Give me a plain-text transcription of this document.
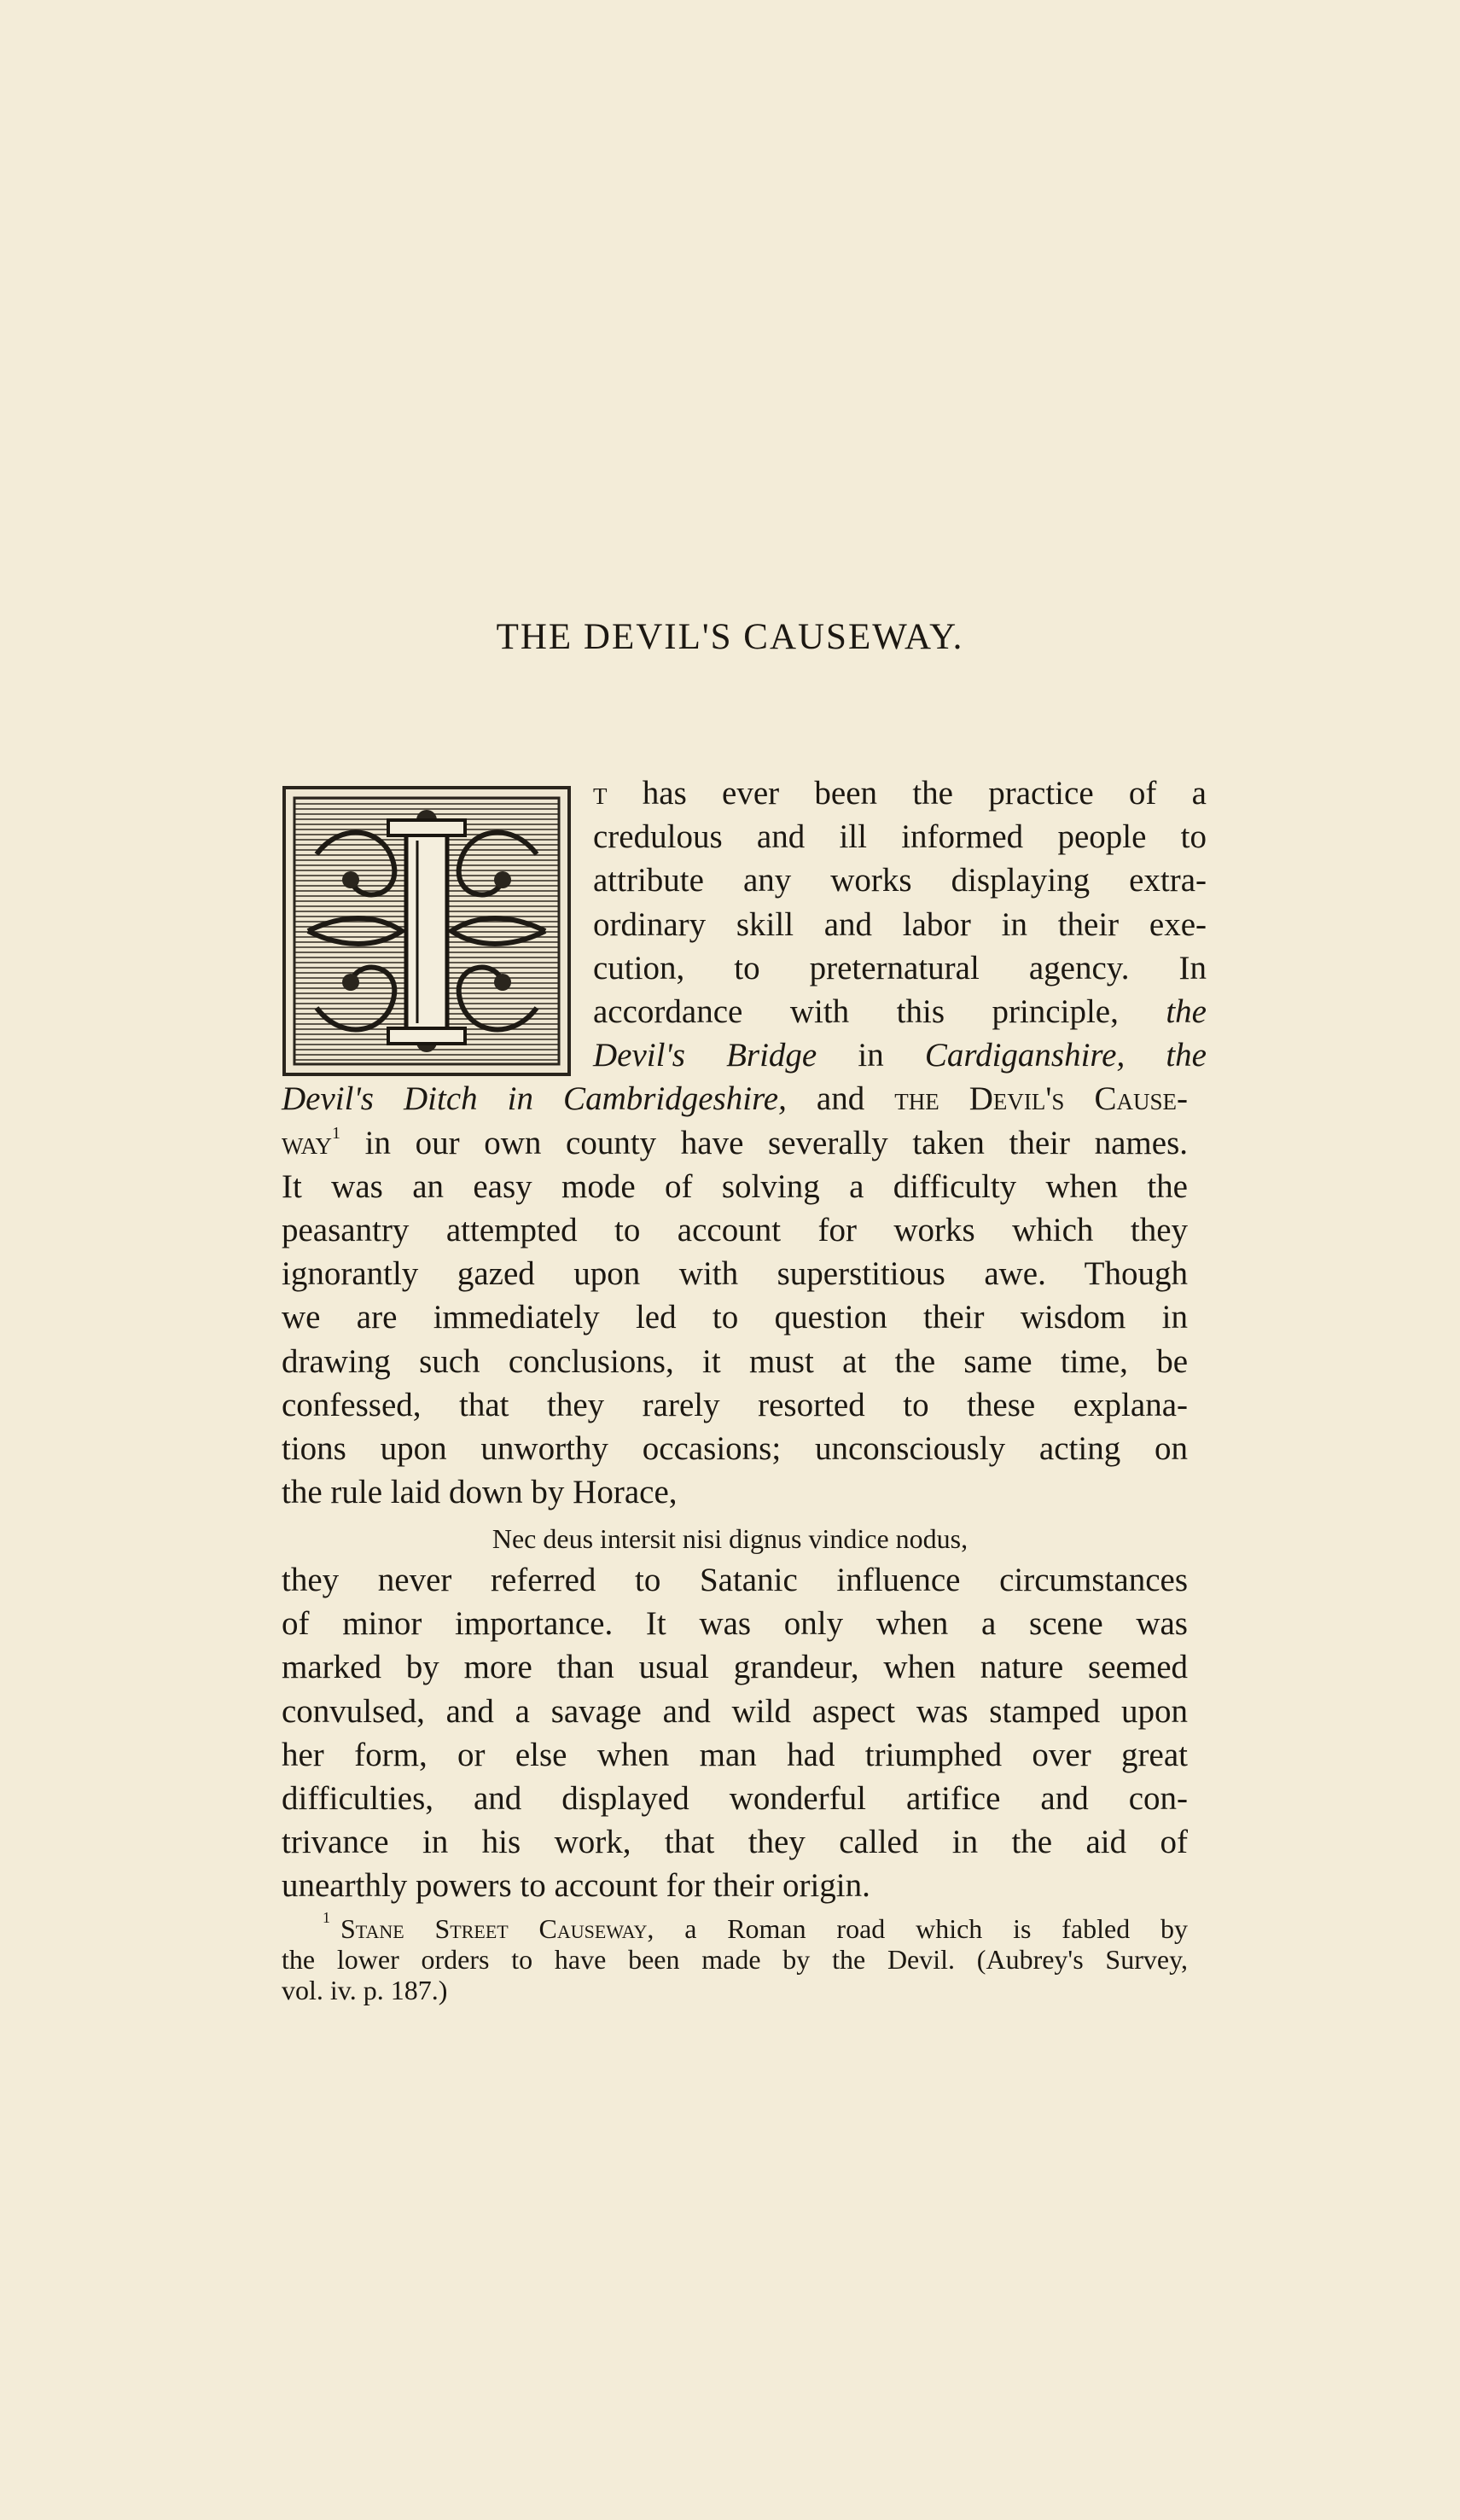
THE DEVIL'S CAUSEWAY.
t has ever been the practice of a
credulous and ill informed people to
attribute any works displaying extra-
ordinary skill and labor in their exe-
cution, to preternatural agency. In
accordance with this principle, the
Devil's Bridge in Cardiganshire, the
Devil's Ditch in Cambridgeshire, and the Devil's Cause-
way$^1$ in our own county have severally taken their names.
It was an easy mode of solving a difficulty when the
peasantry attempted to account for works which they
ignorantly gazed upon with superstitious awe. Though
we are immediately led to question their wisdom in
drawing such conclusions, it must at the same time, be
confessed, that they rarely resorted to these explana-
tions upon unworthy occasions; unconsciously acting on
the rule laid down by Horace,
Nec deus intersit nisi dignus vindice nodus,
they never referred to Satanic influence circumstances
of minor importance. It was only when a scene was
marked by more than usual grandeur, when nature seemed
convulsed, and a savage and wild aspect was stamped upon
her form, or else when man had triumphed over great
difficulties, and displayed wonderful artifice and con-
trivance in his work, that they called in the aid of
unearthly powers to account for their origin.
$^1$ Stane Street Causeway, a Roman road which is fabled by
the lower orders to have been made by the Devil. (Aubrey's Survey,
vol. iv. p. 187.)
